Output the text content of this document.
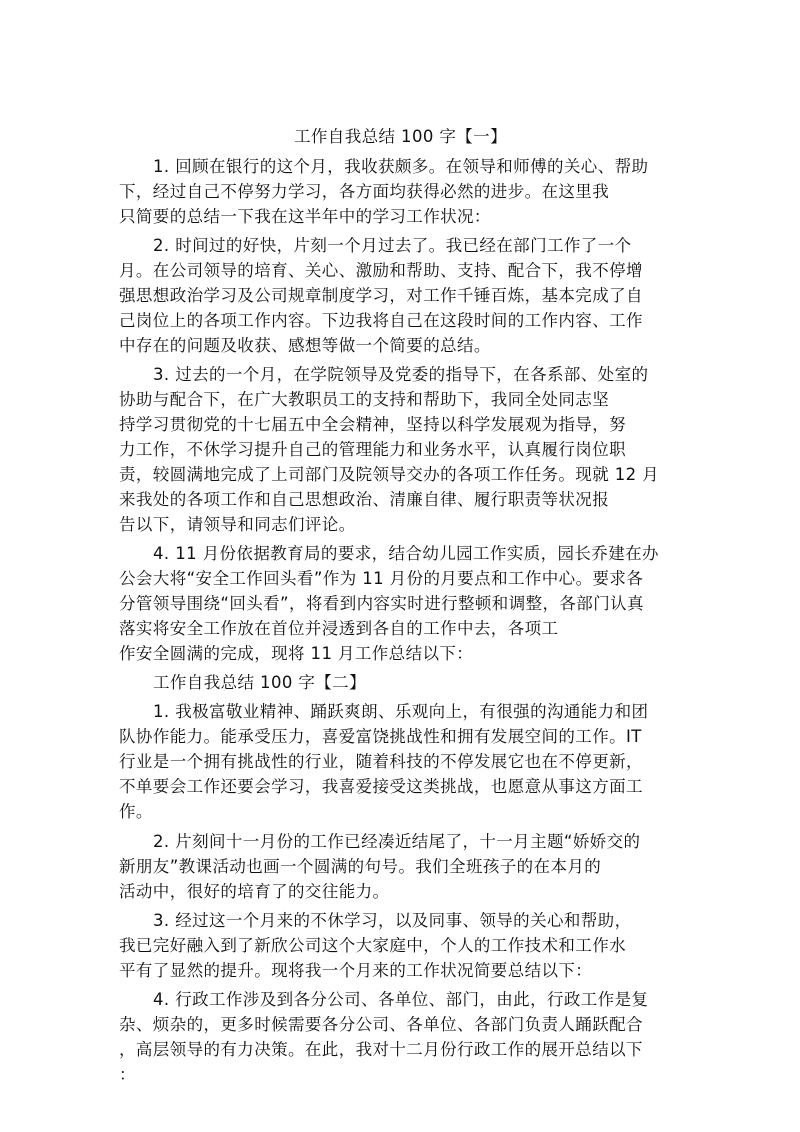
工作自我总结 100 字【一】
1. 回顾在银行的这个月，我收获颇多。在领导和师傅的关心、帮助
下，经过自己不停努力学习，各方面均获得必然的进步。在这里我
只简要的总结一下我在这半年中的学习工作状况：
2. 时间过的好快，片刻一个月过去了。我已经在部门工作了一个
月。在公司领导的培育、关心、激励和帮助、支持、配合下，我不停增
强思想政治学习及公司规章制度学习，对工作千锤百炼，基本完成了自
己岗位上的各项工作内容。下边我将自己在这段时间的工作内容、工作
中存在的问题及收获、感想等做一个简要的总结。
3. 过去的一个月，在学院领导及党委的指导下，在各系部、处室的
协助与配合下，在广大教职员工的支持和帮助下，我同全处同志坚
持学习贯彻党的十七届五中全会精神，坚持以科学发展观为指导，努
力工作，不休学习提升自己的管理能力和业务水平，认真履行岗位职
责，较圆满地完成了上司部门及院领导交办的各项工作任务。现就 12 月
来我处的各项工作和自己思想政治、清廉自律、履行职责等状况报
告以下，请领导和同志们评论。
4. 11 月份依据教育局的要求，结合幼儿园工作实质，园长乔建在办
公会大将“安全工作回头看”作为 11 月份的月要点和工作中心。要求各
分管领导围绕“回头看”，将看到内容实时进行整顿和调整，各部门认真
落实将安全工作放在首位并浸透到各自的工作中去，各项工
作安全圆满的完成，现将 11 月工作总结以下：
工作自我总结 100 字【二】
1. 我极富敬业精神、踊跃爽朗、乐观向上，有很强的沟通能力和团
队协作能力。能承受压力，喜爱富饶挑战性和拥有发展空间的工作。IT
行业是一个拥有挑战性的行业，随着科技的不停发展它也在不停更新，
不单要会工作还要会学习，我喜爱接受这类挑战，也愿意从事这方面工
作。
2. 片刻间十一月份的工作已经凑近结尾了，十一月主题“娇娇交的
新朋友”教课活动也画一个圆满的句号。我们全班孩子的在本月的
活动中，很好的培育了的交往能力。
3. 经过这一个月来的不休学习，以及同事、领导的关心和帮助，
我已完好融入到了新欣公司这个大家庭中，个人的工作技术和工作水
平有了显然的提升。现将我一个月来的工作状况简要总结以下：
4. 行政工作涉及到各分公司、各单位、部门，由此，行政工作是复
杂、烦杂的，更多时候需要各分公司、各单位、各部门负责人踊跃配合
，高层领导的有力决策。在此，我对十二月份行政工作的展开总结以下
：
